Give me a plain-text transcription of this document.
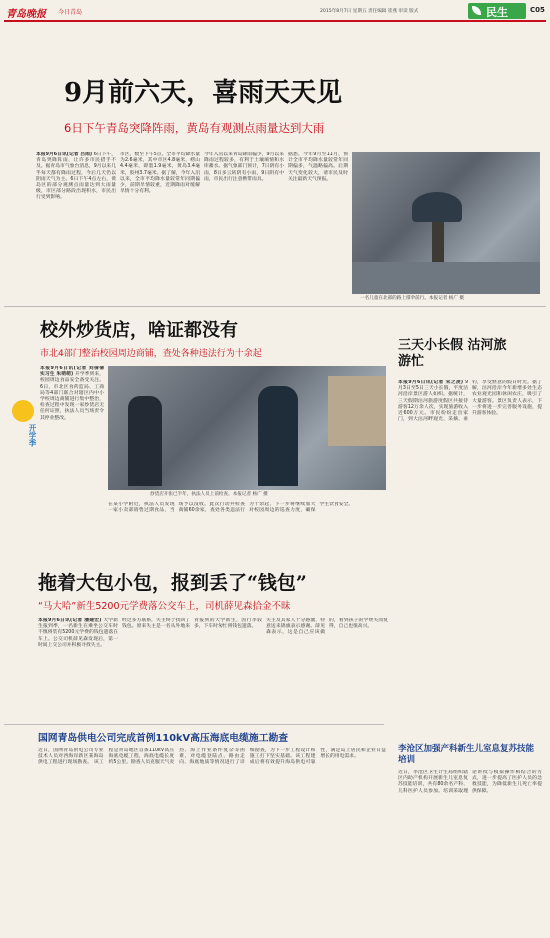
青岛晚报 今日青岛	2015年8月7日 星期五 责任编辑 崔燕 审读 版式	民生	C05
9月前六天，喜雨天天见
6日下午青岛突降阵雨，黄岛有观测点雨量达到大雨
本报9月6日讯(记者 吕雨) 6日下午，青岛突降阵雨，让许多市民措手不及。据青岛市气象台消息，9月以来几乎每天都有降雨过程，今后几天仍以阴雨天气为主。6日下午4点左右，黄岛区的部分观测点雨量达到大雨量级，市区部分路段出现积水，市民出行受到影响。
市区，数至下午5点，全市平均降水量为2.6毫米，其中市区4.8毫米，崂山4.4毫米，即墨1.9毫米，黄岛3.4毫米，胶州3.7毫米。据了解，今年入汛以来，全市平均降水量较常年同期偏少，前期旱情较重，近期降雨对缓解旱情十分有利。
今年入汛以来青岛降雨偏少，9月以来降雨过程较多，有利于土壤墒情和水库蓄水。据气象部门预计，7日阴有小雨，8日多云转阴有小雨，9日阴有中雨，市民出行注意携带雨具。
据悉，今年9月至11月，预计全市平均降水量较常年同期偏多，气温略偏高。后期天气变化较大，请市民及时关注最新天气预报。
一名儿童在北部的路上撑伞前行。本报记者 杨广 摄
开学季
校外炒货店，啥证都没有
市北4部门整治校园周边商铺，查处各种违法行为十余起
本报9月6日讯(记者 刘倩倩 实习生 朱萌萌) 开学季到来，校园周边食品安全备受关注。6日，市北区食药监局、工商局等4部门联合对辖区内中小学校周边商铺进行集中整治，检查过程中发现一家炒货店无任何证照，执法人员当场责令其停业整改。
炒货店开张已半年，执法人员上前检查。本报记者 杨广 摄
在某小学附近，执法人员发现一家小卖部销售过期食品，当场予以没收。此次行动共检查商铺60余家，查处各类违法行为十余起，下一步将继续加大对校园周边的巡查力度，确保学生饮食安全。
三天小长假 沽河旅游忙
本报9月6日讯(记者 宋之凌) 9月3日至5日三天小长假，平度沽河沿岸景区游人如织。据统计，三天假期沽河旅游度假区共接待游客12万余人次，实现旅游收入近600万元。市民纷纷走出家门，到大沽河畔观光、采摘、垂钓，享受惬意的假日时光。据了解，沽河沿岸今年新增多处生态农业观光园和休闲农庄，吸引了大量游客。景区负责人表示，下一步将进一步完善服务设施，提升游客体验。
拖着大包小包，报到丢了“钱包”
“马大哈”新生5200元学费落公交车上，司机薛见森拾金不昧
本报9月6日讯(记者 潘建宏) 大学新生报到季，一名新生在乘坐公交车时不慎将装有5200元学费的钱包遗落在车上。公交司机薛见森发现后，第一时间上交公司并积极寻找失主。
经过多方联系，失主终于找回了钱包。原来失主是一名从外地来青报到的大学新生，因行李较多，下车时匆忙将钱包遗落。
失主及其家人十分感激，特意送来锦旗表示感谢。薛见森表示，这是自己应该做的，看到孩子的学费失而复得，自己也很高兴。
国网青岛供电公司完成首例110kV高压海底电缆施工勘查
近日，国网青岛供电公司专业技术人员对西海岸新区某海岛供电工程进行现场勘查。 该工程是青岛地区首条110kV高压海底电缆工程，海底电缆长度约5公里。勘查人员克服天气炎热、海上作业条件复杂等困难，对电缆登陆点、路由走向、海底地质等情况进行了详细勘查，为下一步工程设计和施工打下坚实基础。该工程建成后将有效提升海岛供电可靠性，满足岛上居民和企业日益增长的用电需求。
李沧区加强产科新生儿室息复苏技能培训
近日，李沧区卫生计生局组织辖区内助产机构开展新生儿室息复苏技能培训，共有80余名产科、儿科医护人员参加。培训采取理论讲授与模拟操作相结合的方式，进一步提高了医护人员的急救技能，为降低新生儿死亡率提供保障。
